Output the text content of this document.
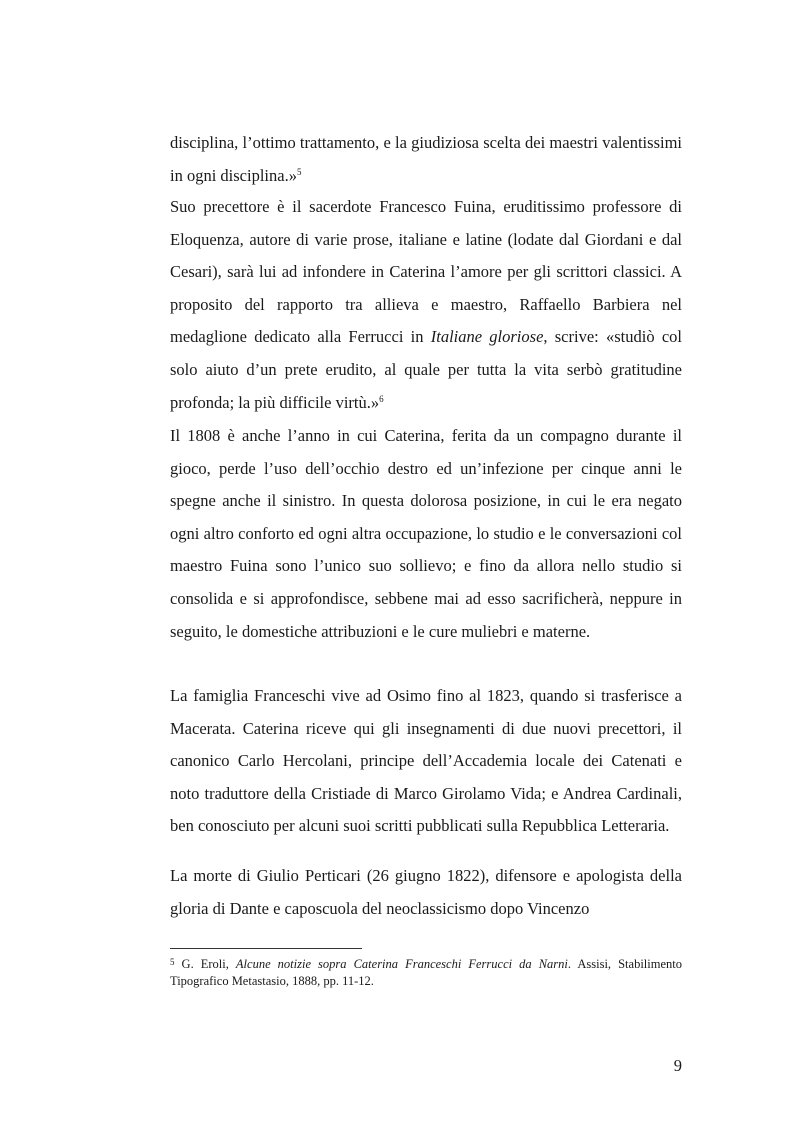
disciplina, l’ottimo trattamento, e la giudiziosa scelta dei maestri valentissimi in ogni disciplina.»$^5$

Suo precettore è il sacerdote Francesco Fuina, eruditissimo professore di Eloquenza, autore di varie prose, italiane e latine (lodate dal Giordani e dal Cesari), sarà lui ad infondere in Caterina l’amore per gli scrittori classici. A proposito del rapporto tra allieva e maestro, Raffaello Barbiera nel medaglione dedicato alla Ferrucci in Italiane gloriose, scrive: «studiò col solo aiuto d’un prete erudito, al quale per tutta la vita serbò gratitudine profonda; la più difficile virtù.»$^6$

Il 1808 è anche l’anno in cui Caterina, ferita da un compagno durante il gioco, perde l’uso dell’occhio destro ed un’infezione per cinque anni le spegne anche il sinistro. In questa dolorosa posizione, in cui le era negato ogni altro conforto ed ogni altra occupazione, lo studio e le conversazioni col maestro Fuina sono l’unico suo sollievo; e fino da allora nello studio si consolida e si approfondisce, sebbene mai ad esso sacrificherà, neppure in seguito, le domestiche attribuzioni e le cure muliebri e materne.

La famiglia Franceschi vive ad Osimo fino al 1823, quando si trasferisce a Macerata. Caterina riceve qui gli insegnamenti di due nuovi precettori, il canonico Carlo Hercolani, principe dell’Accademia locale dei Catenati e noto traduttore della Cristiade di Marco Girolamo Vida; e Andrea Cardinali, ben conosciuto per alcuni suoi scritti pubblicati sulla Repubblica Letteraria.

La morte di Giulio Perticari (26 giugno 1822), difensore e apologista della gloria di Dante e caposcuola del neoclassicismo dopo Vincenzo

$^5$ G. Eroli, Alcune notizie sopra Caterina Franceschi Ferrucci da Narni. Assisi, Stabilimento Tipografico Metastasio, 1888, pp. 11-12.

9
